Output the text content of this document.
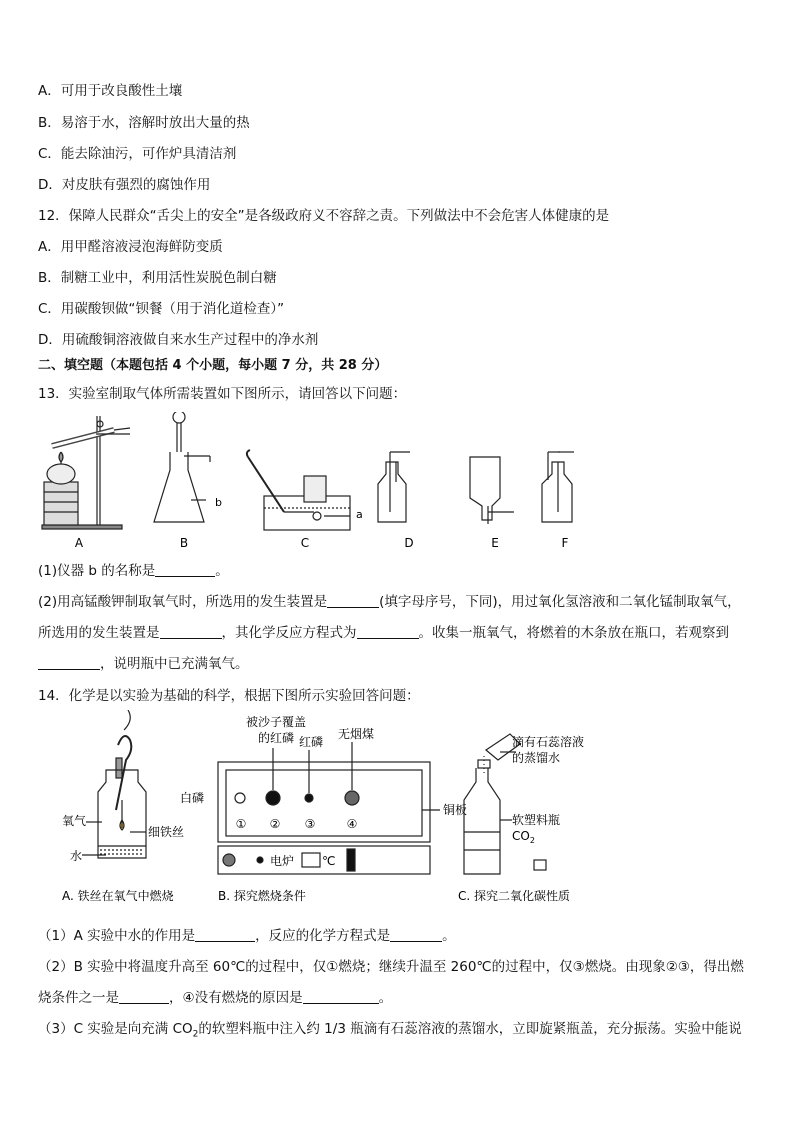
A．可用于改良酸性土壤
B．易溶于水，溶解时放出大量的热
C．能去除油污，可作炉具清洁剂
D．对皮肤有强烈的腐蚀作用
12．保障人民群众“舌尖上的安全”是各级政府义不容辞之责。下列做法中不会危害人体健康的是
A．用甲醛溶液浸泡海鲜防变质
B．制糖工业中，利用活性炭脱色制白糖
C．用碳酸钡做“钡餐（用于消化道检查）”
D．用硫酸铜溶液做自来水生产过程中的净水剂
二、填空题（本题包括 4 个小题，每小题 7 分，共 28 分）
13．实验室制取气体所需装置如下图所示，请回答以下问题：
b
a
A	B	C	D	E	F
(1)仪器 b 的名称是	。
(2)用高锰酸钾制取氧气时，所选用的发生装置是	(填字母序号，下同)，用过氧化氢溶液和二氧化锰制取氧气，
所选用的发生装置是	，其化学反应方程式为	。收集一瓶氧气，将燃着的木条放在瓶口，若观察到
，说明瓶中已充满氧气。
14．化学是以实验为基础的科学，根据下图所示实验回答问题：
氧气
细铁丝
水
A. 铁丝在氧气中燃烧
被沙子覆盖
的红磷 红磷
无烟煤
白磷
铜板
① ② ③	④
电炉 ℃
B. 探究燃烧条件
滴有石蕊溶液
的蒸馏水
软塑料瓶
$CO_2$
C. 探究二氧化碳性质
（1）A 实验中水的作用是	，反应的化学方程式是	。
（2）B 实验中将温度升高至 60℃的过程中，仅①燃烧；继续升温至 260℃的过程中，仅③燃烧。由现象②③，得出燃
烧条件之一是	，④没有燃烧的原因是	。
（3）C 实验是向充满 $CO_2$的软塑料瓶中注入约 1/3 瓶滴有石蕊溶液的蒸馏水，立即旋紧瓶盖，充分振荡。实验中能说
